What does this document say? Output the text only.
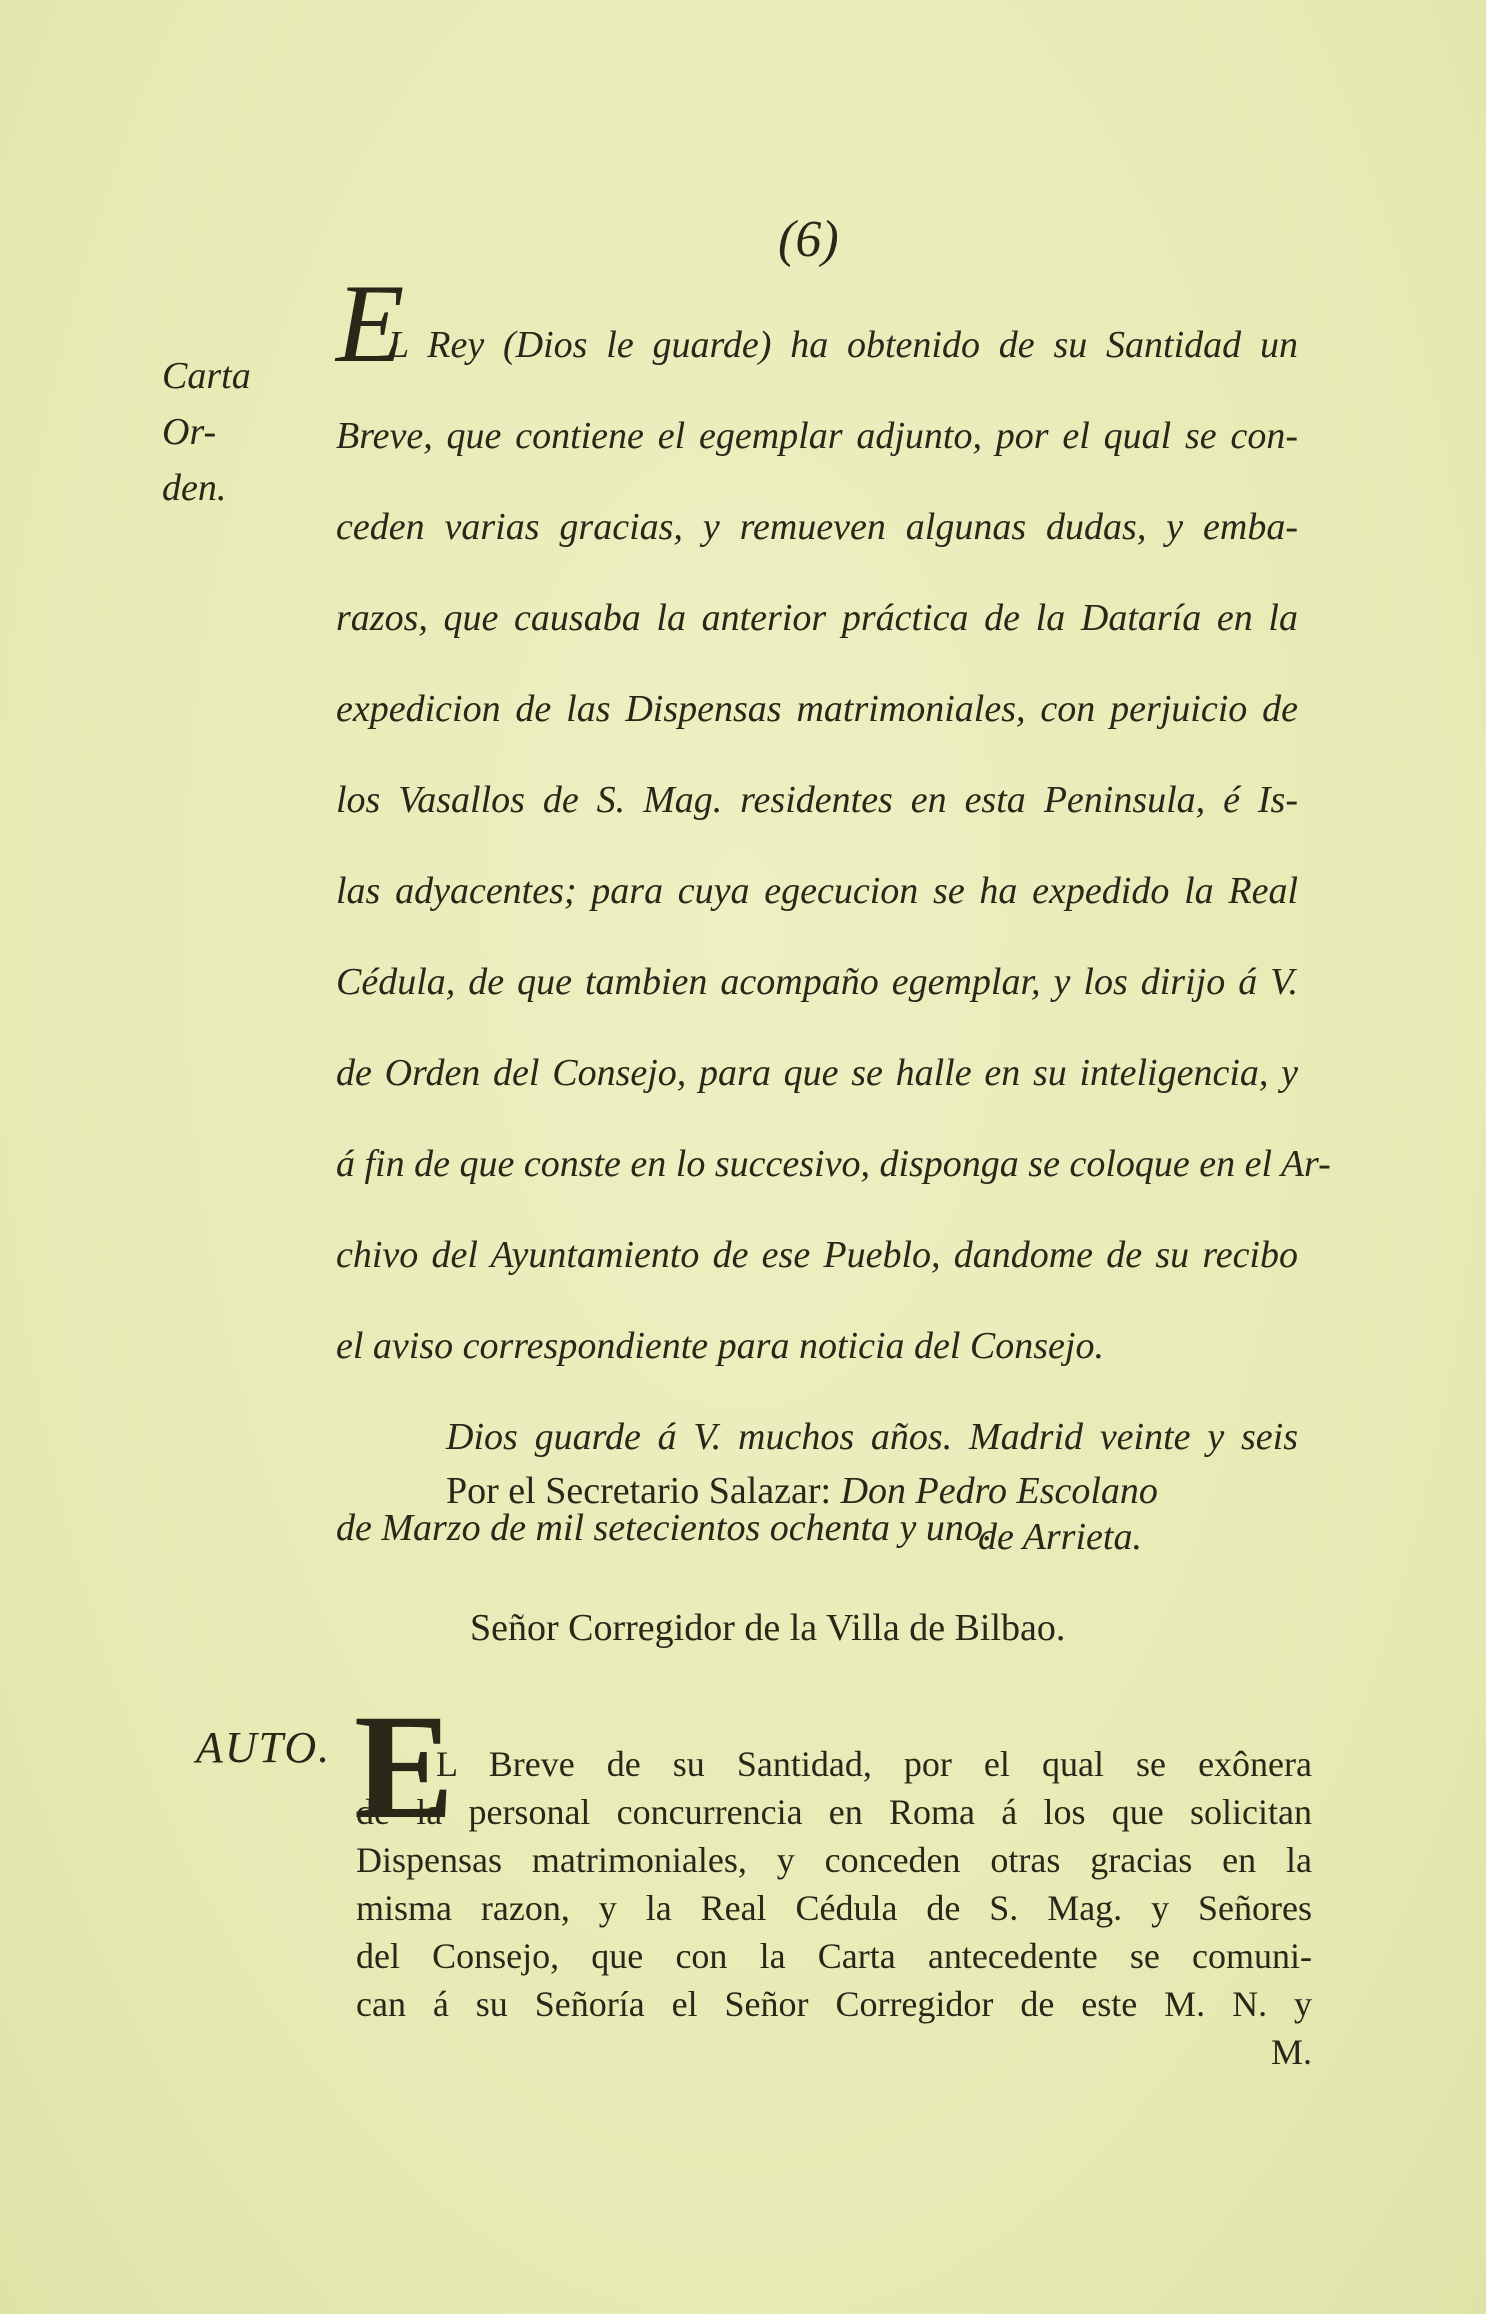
(6)
Carta Or-
den.
E
L Rey (Dios le guarde) ha obtenido de su Santidad un
Breve, que contiene el egemplar adjunto, por el qual se con-
ceden varias gracias, y remueven algunas dudas, y emba-
razos, que causaba la anterior práctica de la Dataría en la
expedicion de las Dispensas matrimoniales, con perjuicio de
los Vasallos de S. Mag. residentes en esta Peninsula, é Is-
las adyacentes; para cuya egecucion se ha expedido la Real
Cédula, de que tambien acompaño egemplar, y los dirijo á V.
de Orden del Consejo, para que se halle en su inteligencia, y
á fin de que conste en lo succesivo, disponga se coloque en el Ar-
chivo del Ayuntamiento de ese Pueblo, dandome de su recibo
el aviso correspondiente para noticia del Consejo.
Dios guarde á V. muchos años. Madrid veinte y seis
de Marzo de mil setecientos ochenta y uno.
Por el Secretario Salazar: Don Pedro Escolano
de Arrieta.
Señor Corregidor de la Villa de Bilbao.
AUTO. E
L Breve de su Santidad, por el qual se exônera
de la personal concurrencia en Roma á los que solicitan
Dispensas matrimoniales, y conceden otras gracias en la
misma razon, y la Real Cédula de S. Mag. y Señores
del Consejo, que con la Carta antecedente se comuni-
can á su Señoría el Señor Corregidor de este M. N. y
M.
